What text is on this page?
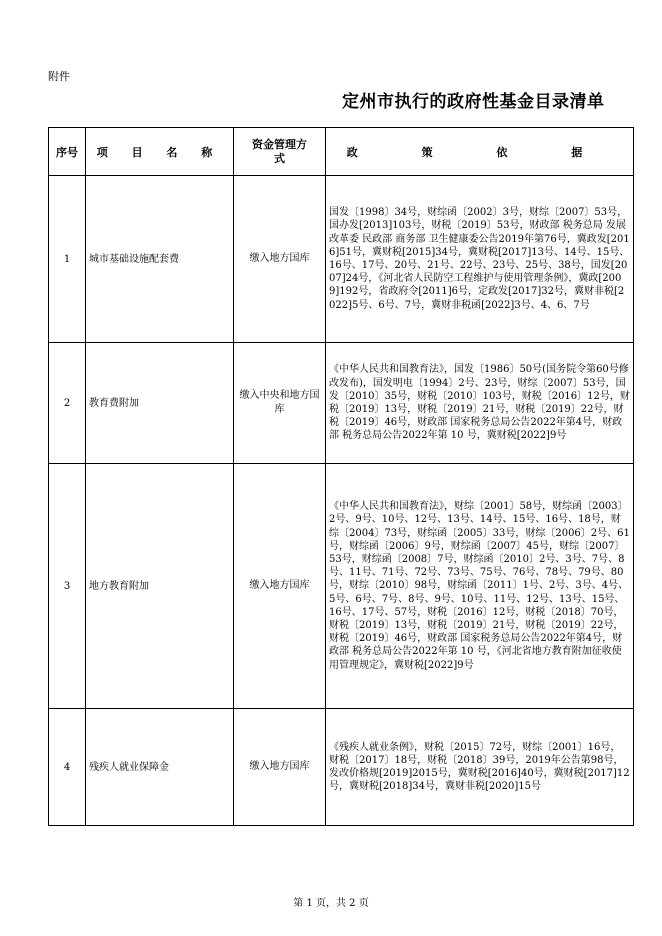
附件
定州市执行的政府性基金目录清单
序号	项 目 名 称	资金管理方式	政 策 依 据
1	城市基础设施配套费	缴入地方国库	国发〔1998〕34号，财综函〔2002〕3号，财综〔2007〕53号，国办发[2013]103号，财税〔2019〕53号，财政部 税务总局 发展改革委 民政部 商务部 卫生健康委公告2019年第76号，冀政发[2016]51号，冀财税[2015]34号，冀财税[2017]13号、14号、15号、16号、17号、20号、21号、22号、23号、25号、38号，国发[2007]24号，《河北省人民防空工程维护与使用管理条例》，冀政[2009]192号，省政府令[2011]6号，定政发[2017]32号，冀财非税[2022]5号、6号、7号，冀财非税函[2022]3号、4、6、7号
2	教育费附加	缴入中央和地方国库	《中华人民共和国教育法》，国发〔1986〕50号(国务院令第60号修改发布)，国发明电〔1994〕2号、23号，财综〔2007〕53号，国发〔2010〕35号，财税〔2010〕103号，财税〔2016〕12号，财税〔2019〕13号，财税〔2019〕21号，财税〔2019〕22号，财税〔2019〕46号，财政部 国家税务总局公告2022年第4号，财政部 税务总局公告2022年第 10 号，冀财税[2022]9号
3	地方教育附加	缴入地方国库	《中华人民共和国教育法》，财综〔2001〕58号，财综函〔2003〕2号、9号、10号、12号、13号、14号、15号、16号、18号，财综〔2004〕73号，财综函〔2005〕33号，财综〔2006〕2号、61号，财综函〔2006〕9号，财综函〔2007〕45号，财综〔2007〕53号，财综函〔2008〕7号，财综函〔2010〕2号、3号、7号、8号、11号、71号、72号、73号、75号、76号、78号、79号、80号，财综〔2010〕98号，财综函〔2011〕1号、2号、3号、4号、5号、6号、7号、8号、9号、10号、11号、12号、13号、15号、16号、17号、57号，财税〔2016〕12号，财税〔2018〕70号，财税〔2019〕13号，财税〔2019〕21号，财税〔2019〕22号，财税〔2019〕46号，财政部 国家税务总局公告2022年第4号，财政部 税务总局公告2022年第 10 号，《河北省地方教育附加征收使用管理规定》，冀财税[2022]9号
4	残疾人就业保障金	缴入地方国库	《残疾人就业条例》，财税〔2015〕72号，财综〔2001〕16号，财税〔2017〕18号，财税〔2018〕39号，2019年公告第98号，发改价格规[2019]2015号，冀财税[2016]40号，冀财税[2017]12号，冀财税[2018]34号，冀财非税[2020]15号
第 1 页，共 2 页
